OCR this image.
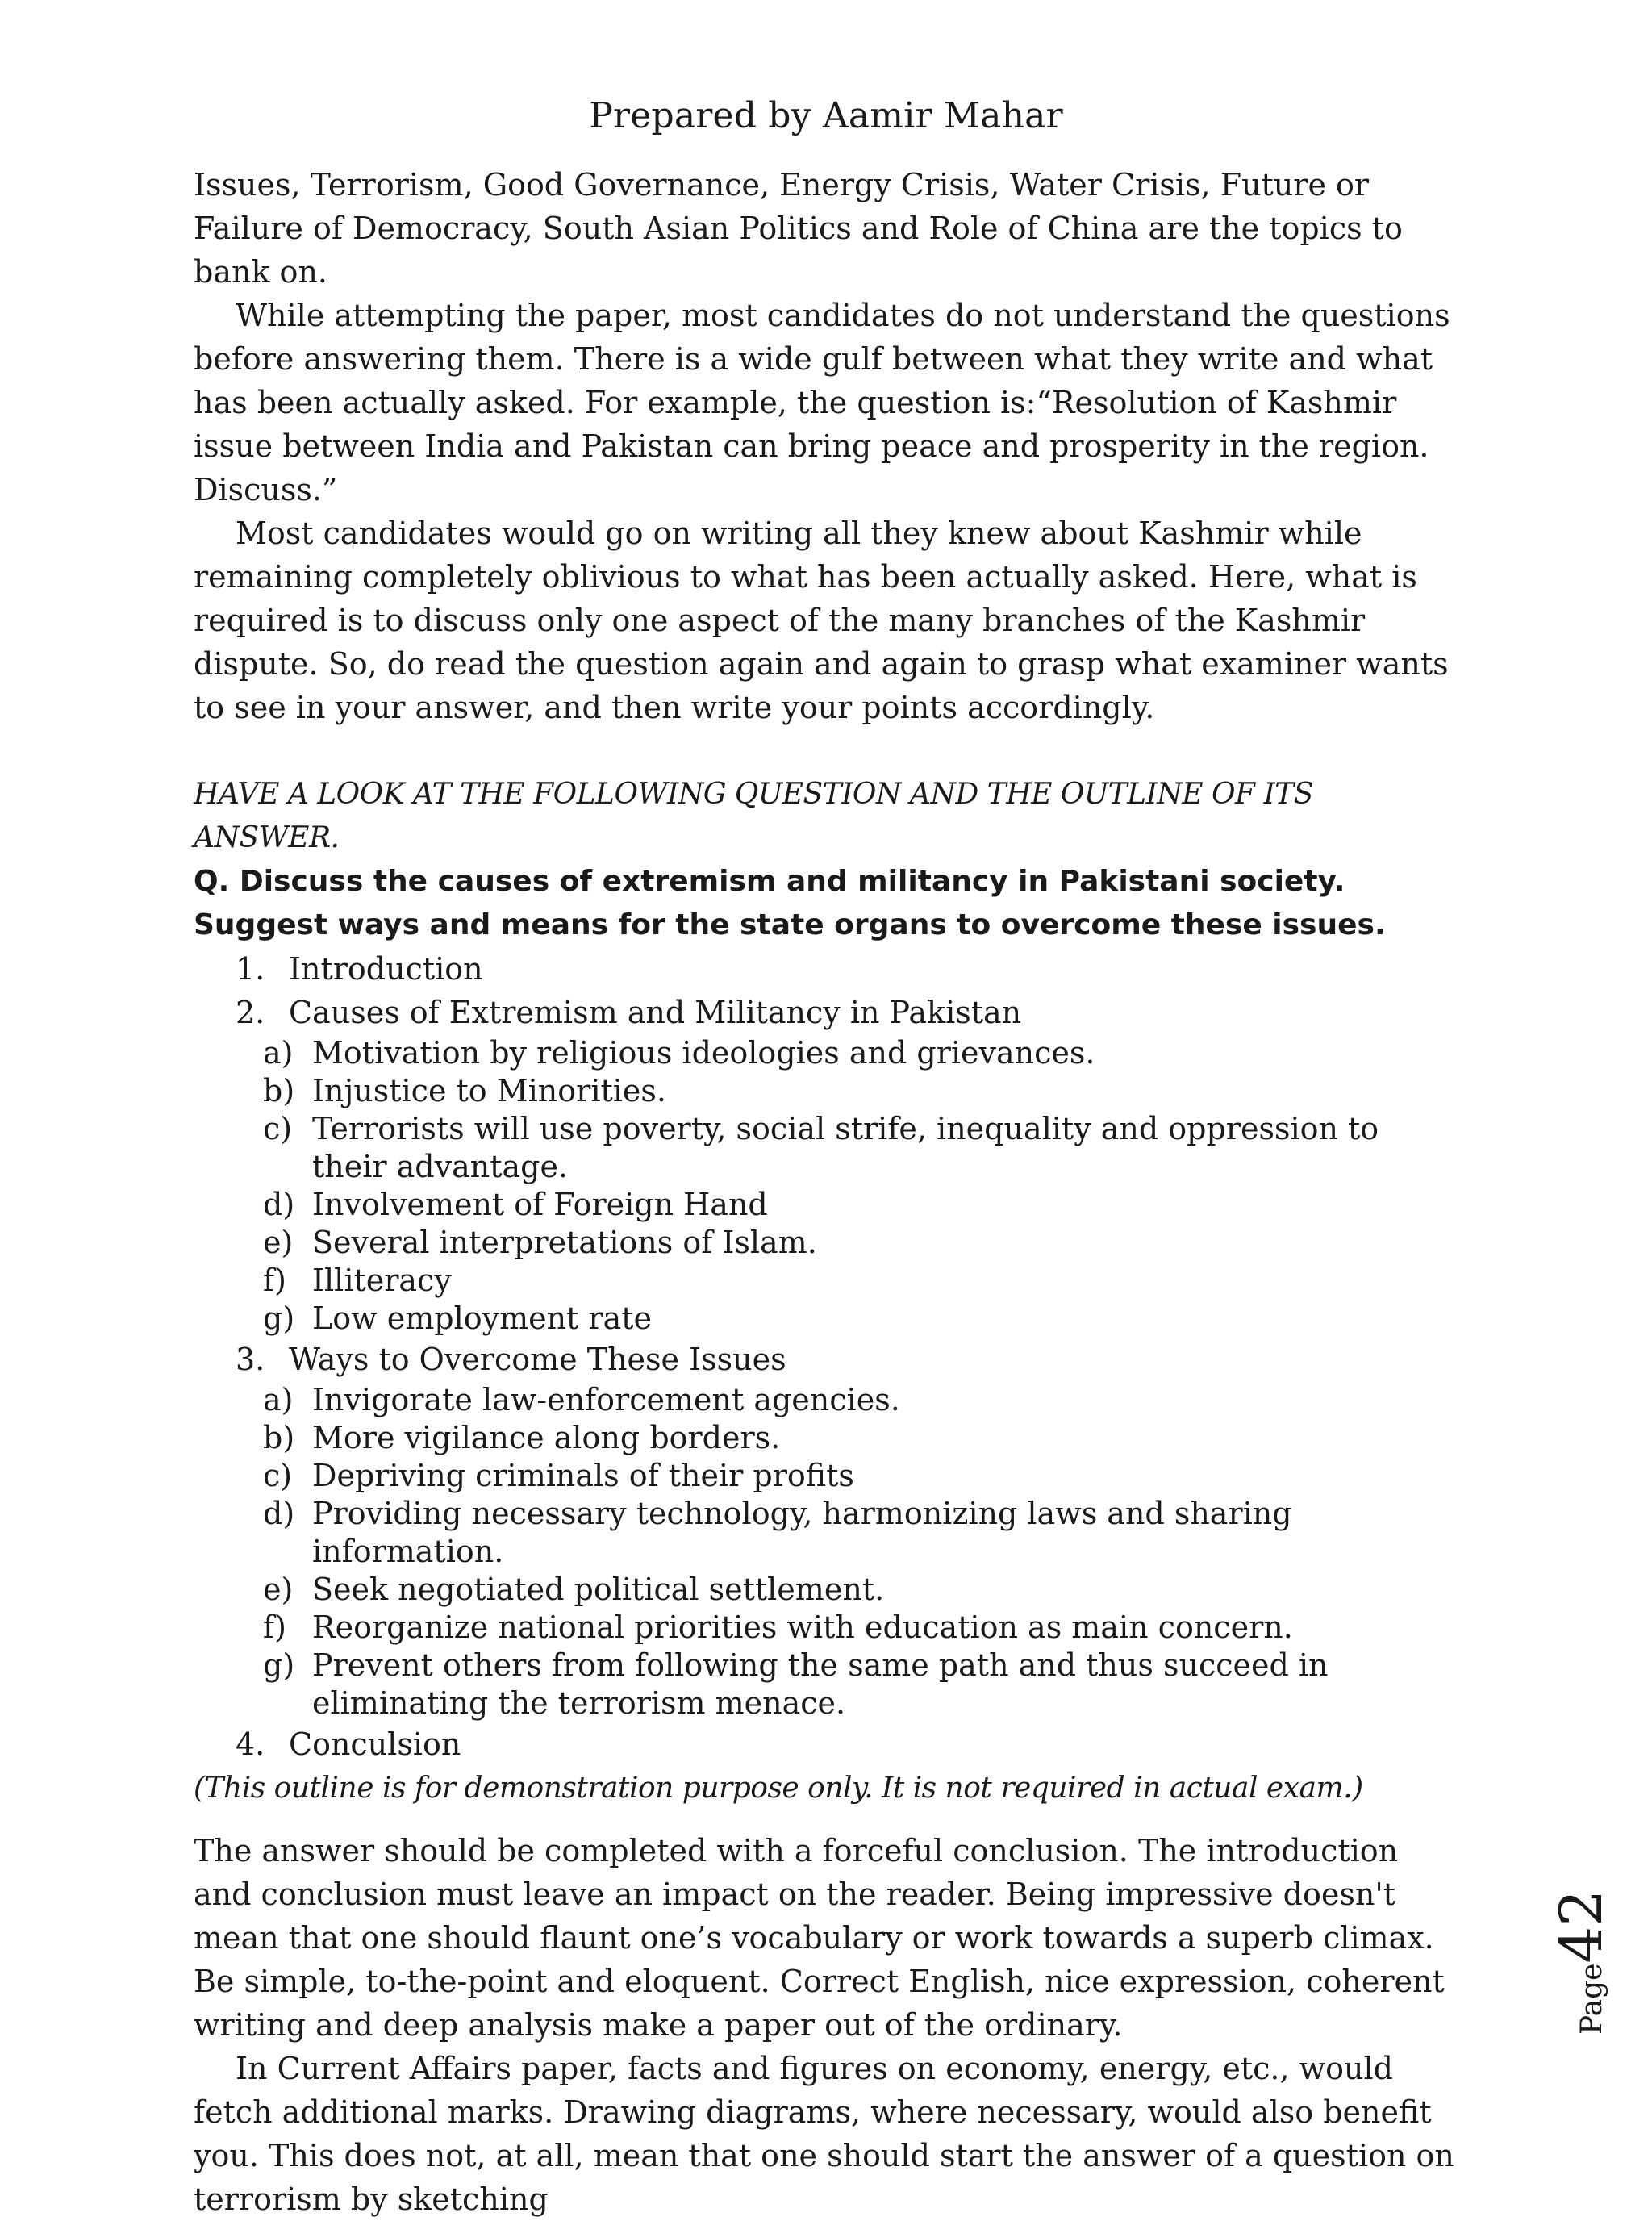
Prepared by Aamir Mahar

Issues, Terrorism, Good Governance, Energy Crisis, Water Crisis, Future or Failure of Democracy, South Asian Politics and Role of China are the topics to bank on.

While attempting the paper, most candidates do not understand the questions before answering them. There is a wide gulf between what they write and what has been actually asked. For example, the question is:“Resolution of Kashmir issue between India and Pakistan can bring peace and prosperity in the region. Discuss.”

Most candidates would go on writing all they knew about Kashmir while remaining completely oblivious to what has been actually asked. Here, what is required is to discuss only one aspect of the many branches of the Kashmir dispute. So, do read the question again and again to grasp what examiner wants to see in your answer, and then write your points accordingly.

HAVE A LOOK AT THE FOLLOWING QUESTION AND THE OUTLINE OF ITS ANSWER.

Q. Discuss the causes of extremism and militancy in Pakistani society. Suggest ways and means for the state organs to overcome these issues.

1. Introduction
2. Causes of Extremism and Militancy in Pakistan
a) Motivation by religious ideologies and grievances.
b) Injustice to Minorities.
c) Terrorists will use poverty, social strife, inequality and oppression to their advantage.
d) Involvement of Foreign Hand
e) Several interpretations of Islam.
f) Illiteracy
g) Low employment rate
3. Ways to Overcome These Issues
a) Invigorate law-enforcement agencies.
b) More vigilance along borders.
c) Depriving criminals of their profits
d) Providing necessary technology, harmonizing laws and sharing information.
e) Seek negotiated political settlement.
f) Reorganize national priorities with education as main concern.
g) Prevent others from following the same path and thus succeed in eliminating the terrorism menace.
4. Conculsion

(This outline is for demonstration purpose only. It is not required in actual exam.)

The answer should be completed with a forceful conclusion. The introduction and conclusion must leave an impact on the reader. Being impressive doesn't mean that one should flaunt one’s vocabulary or work towards a superb climax. Be simple, to-the-point and eloquent. Correct English, nice expression, coherent writing and deep analysis make a paper out of the ordinary.

In Current Affairs paper, facts and figures on economy, energy, etc., would fetch additional marks. Drawing diagrams, where necessary, would also benefit you. This does not, at all, mean that one should start the answer of a question on terrorism by sketching

Page42
